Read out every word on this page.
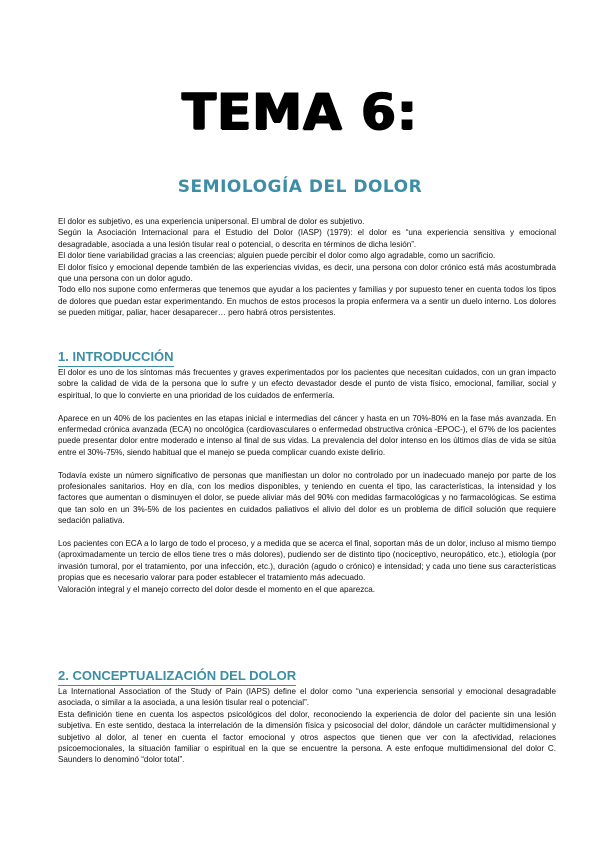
TEMA 6:
SEMIOLOGÍA DEL DOLOR

El dolor es subjetivo, es una experiencia unipersonal. El umbral de dolor es subjetivo.

Según la Asociación Internacional para el Estudio del Dolor (IASP) (1979): el dolor es “una experiencia sensitiva y emocional desagradable, asociada a una lesión tisular real o potencial, o descrita en términos de dicha lesión”.

El dolor tiene variabilidad gracias a las creencias; alguien puede percibir el dolor como algo agradable, como un sacrificio.

El dolor físico y emocional depende también de las experiencias vividas, es decir, una persona con dolor crónico está más acostumbrada que una persona con un dolor agudo.

Todo ello nos supone como enfermeras que tenemos que ayudar a los pacientes y familias y por supuesto tener en cuenta todos los tipos de dolores que puedan estar experimentando. En muchos de estos procesos la propia enfermera va a sentir un duelo interno. Los dolores se pueden mitigar, paliar, hacer desaparecer… pero habrá otros persistentes.

1. INTRODUCCIÓN

El dolor es uno de los síntomas más frecuentes y graves experimentados por los pacientes que necesitan cuidados, con un gran impacto sobre la calidad de vida de la persona que lo sufre y un efecto devastador desde el punto de vista físico, emocional, familiar, social y espiritual, lo que lo convierte en una prioridad de los cuidados de enfermería.

Aparece en un 40% de los pacientes en las etapas inicial e intermedias del cáncer y hasta en un 70%-80% en la fase más avanzada. En enfermedad crónica avanzada (ECA) no oncológica (cardiovasculares o enfermedad obstructiva crónica -EPOC-), el 67% de los pacientes puede presentar dolor entre moderado e intenso al final de sus vidas. La prevalencia del dolor intenso en los últimos días de vida se sitúa entre el 30%-75%, siendo habitual que el manejo se pueda complicar cuando existe delirio.

Todavía existe un número significativo de personas que manifiestan un dolor no controlado por un inadecuado manejo por parte de los profesionales sanitarios. Hoy en día, con los medios disponibles, y teniendo en cuenta el tipo, las características, la intensidad y los factores que aumentan o disminuyen el dolor, se puede aliviar más del 90% con medidas farmacológicas y no farmacológicas. Se estima que tan solo en un 3%-5% de los pacientes en cuidados paliativos el alivio del dolor es un problema de difícil solución que requiere sedación paliativa.

Los pacientes con ECA a lo largo de todo el proceso, y a medida que se acerca el final, soportan más de un dolor, incluso al mismo tiempo (aproximadamente un tercio de ellos tiene tres o más dolores), pudiendo ser de distinto tipo (nociceptivo, neuropático, etc.), etiología (por invasión tumoral, por el tratamiento, por una infección, etc.), duración (agudo o crónico) e intensidad; y cada uno tiene sus características propias que es necesario valorar para poder establecer el tratamiento más adecuado.

Valoración integral y el manejo correcto del dolor desde el momento en el que aparezca.

2. CONCEPTUALIZACIÓN DEL DOLOR

La International Association of the Study of Pain (IAPS) define el dolor como “una experiencia sensorial y emocional desagradable asociada, o similar a la asociada, a una lesión tisular real o potencial”.

Esta definición tiene en cuenta los aspectos psicológicos del dolor, reconociendo la experiencia de dolor del paciente sin una lesión subjetiva. En este sentido, destaca la interrelación de la dimensión física y psicosocial del dolor, dándole un carácter multidimensional y subjetivo al dolor, al tener en cuenta el factor emocional y otros aspectos que tienen que ver con la afectividad, relaciones psicoemocionales, la situación familiar o espiritual en la que se encuentre la persona. A este enfoque multidimensional del dolor C. Saunders lo denominó “dolor total”.
